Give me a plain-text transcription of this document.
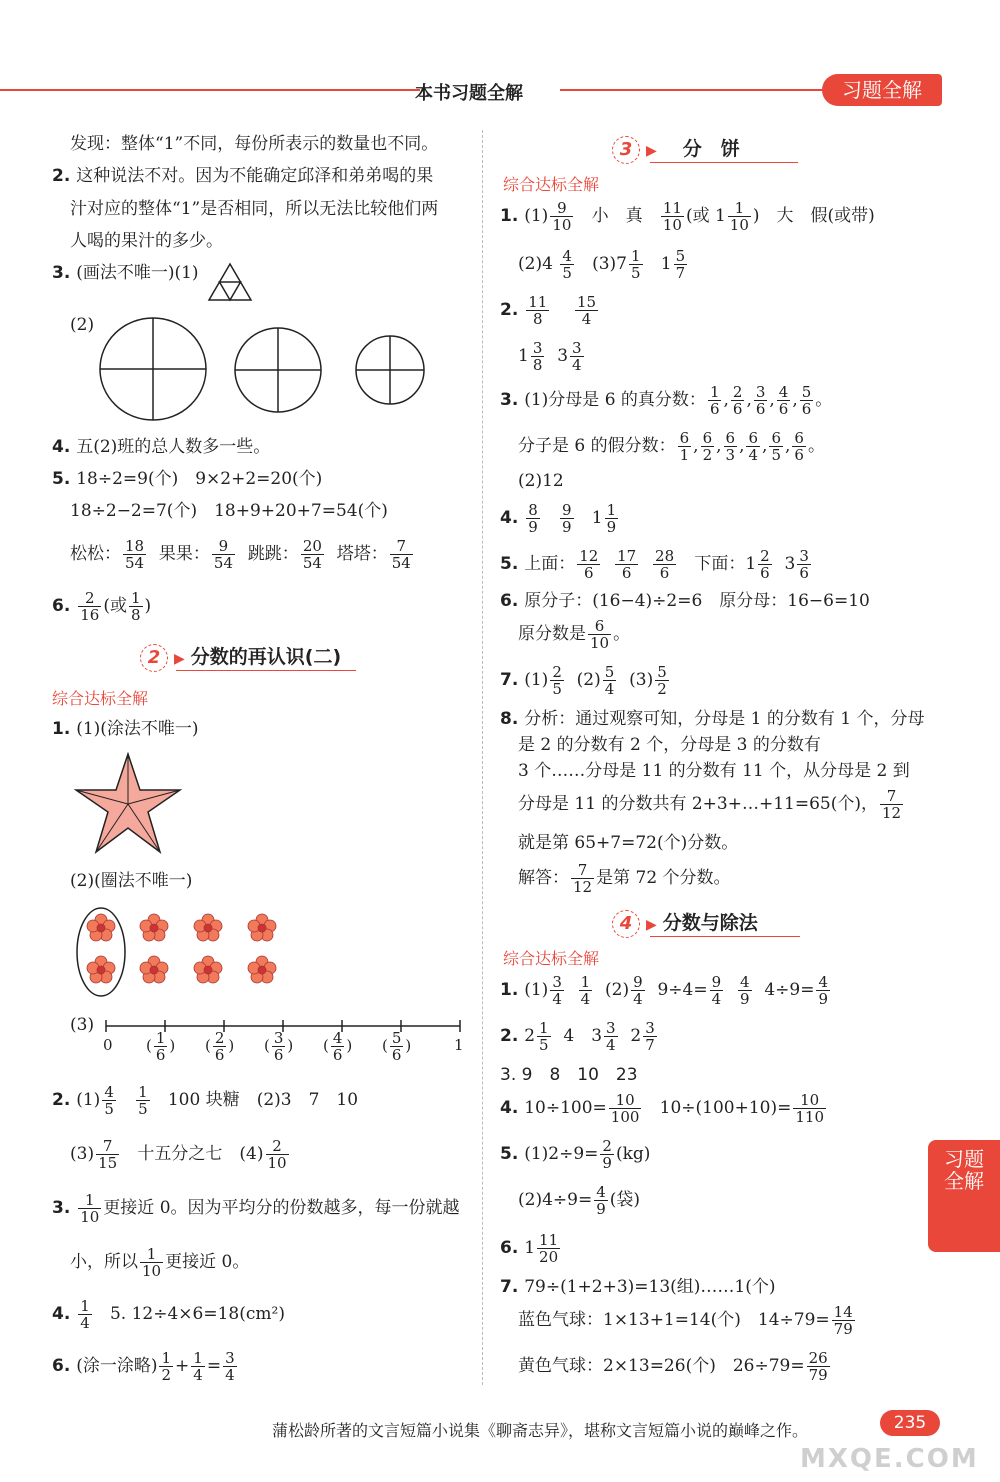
本书习题全解	习题全解
发现：整体“1”不同，每份所表示的数量也不同。
2. 这种说法不对。因为不能确定邱泽和弟弟喝的果
汁对应的整体“1”是否相同，所以无法比较他们两
人喝的果汁的多少。
3. (画法不唯一)(1)
(2)
4. 五(2)班的总人数多一些。
5. 18÷2=9(个)　9×2+2=20(个)
18÷2−2=7(个)　18+9+20+7=54(个)
松松： $\frac{18}{54}$ 果果： $\frac{9}{54}$ 跳跳： $\frac{20}{54}$ 塔塔： $\frac{7}{54}$
6. $\frac{2}{16}$ (或 $\frac{1}{8}$ )
2 ▶ 分数的再认识(二)
综合达标全解
1. (1)(涂法不唯一)
(2)(圈法不唯一)
(3)
0	1
( $\frac{1}{6}$ ) ( $\frac{2}{6}$ ) ( $\frac{3}{6}$ ) ( $\frac{4}{6}$ ) ( $\frac{5}{6}$ )
2. $(1) \frac{4}{5}$
$\frac{1}{5} 100$ 块糖　(2)3　7　10
$(3) \frac{7}{15}$ 十五分之七　$(4) \frac{2}{10}$
3. $\frac{1}{10}$ 更接近 0。因为平均分的份数越多，每一份就越
小，所以 $\frac{1}{10}$ 更接近 0。
4. $\frac{1}{4} 5$. 12÷4×6=18(cm²)
6. (涂一涂略) $\frac{1}{2} + \frac{1}{4} = \frac{3}{4}$
3 ▶ 分　饼
综合达标全解
1. $(1) \frac{9}{10}$ 小　真 $\frac{11}{10}$ (或 $1 \frac{1}{10}$ )　大　假(或带)
$(2)4 \frac{4}{5} (3)7 \frac{1}{5} 1 \frac{5}{7}$
2. $\frac{11}{8}$
$\frac{15}{4}$
$1 \frac{3}{8} 3 \frac{3}{4}$
3. (1)分母是 6 的真分数： $\frac{1}{6}$ , $\frac{2}{6}$ , $\frac{3}{6}$ , $\frac{4}{6}$ , $\frac{5}{6}$ 。
分子是 6 的假分数： $\frac{6}{1}$ , $\frac{6}{2}$ , $\frac{6}{3}$ , $\frac{6}{4}$ , $\frac{6}{5}$ , $\frac{6}{6}$ 。
(2)12
4. $\frac{8}{9}$
$\frac{9}{9} 1 \frac{1}{9}$
5. 上面： $\frac{12}{6}$
$\frac{17}{6}$
$\frac{28}{6}$ 下面：$1 \frac{2}{6} 3 \frac{3}{6}$
6. 原分子：(16−4)÷2=6　原分母：16−6=10
原分数是 $\frac{6}{10}$ 。
7. $(1) \frac{2}{5} (2) \frac{5}{4} (3) \frac{5}{2}$
8. 分析：通过观察可知，分母是 1 的分数有 1 个，分母
是 2 的分数有 2 个，分母是 3 的分数有
3 个……分母是 11 的分数有 11 个，从分母是 2 到
分母是 11 的分数共有 2+3+…+11=65(个)， $\frac{7}{12}$
就是第 65+7=72(个)分数。
解答： $\frac{7}{12}$ 是第 72 个分数。
4 ▶ 分数与除法
综合达标全解
1. $(1) \frac{3}{4}$
$\frac{1}{4} (2) \frac{9}{4} 9\div 4= \frac{9}{4}$
$\frac{4}{9} 4\div 9= \frac{4}{9}$
2. $2 \frac{1}{5} 4$　$3 \frac{3}{4} 2 \frac{3}{7}$
3. 9　8　10　23
4. $10\div 100= \frac{10}{100} 10\div(100+10)= \frac{10}{110}$
5. $(1)2\div 9= \frac{2}{9} (kg)$
$(2)4\div 9= \frac{4}{9}$ (袋)
6. $1 \frac{11}{20}$
7. 79÷(1+2+3)=13(组)……1(个)
蓝色气球：1×13+1=14(个)　$14\div 79= \frac{14}{79}$
黄色气球：2×13=26(个)　$26\div 79= \frac{26}{79}$
习题全解
蒲松龄所著的文言短篇小说集《聊斋志异》，堪称文言短篇小说的巅峰之作。	235
MXQE.COM
